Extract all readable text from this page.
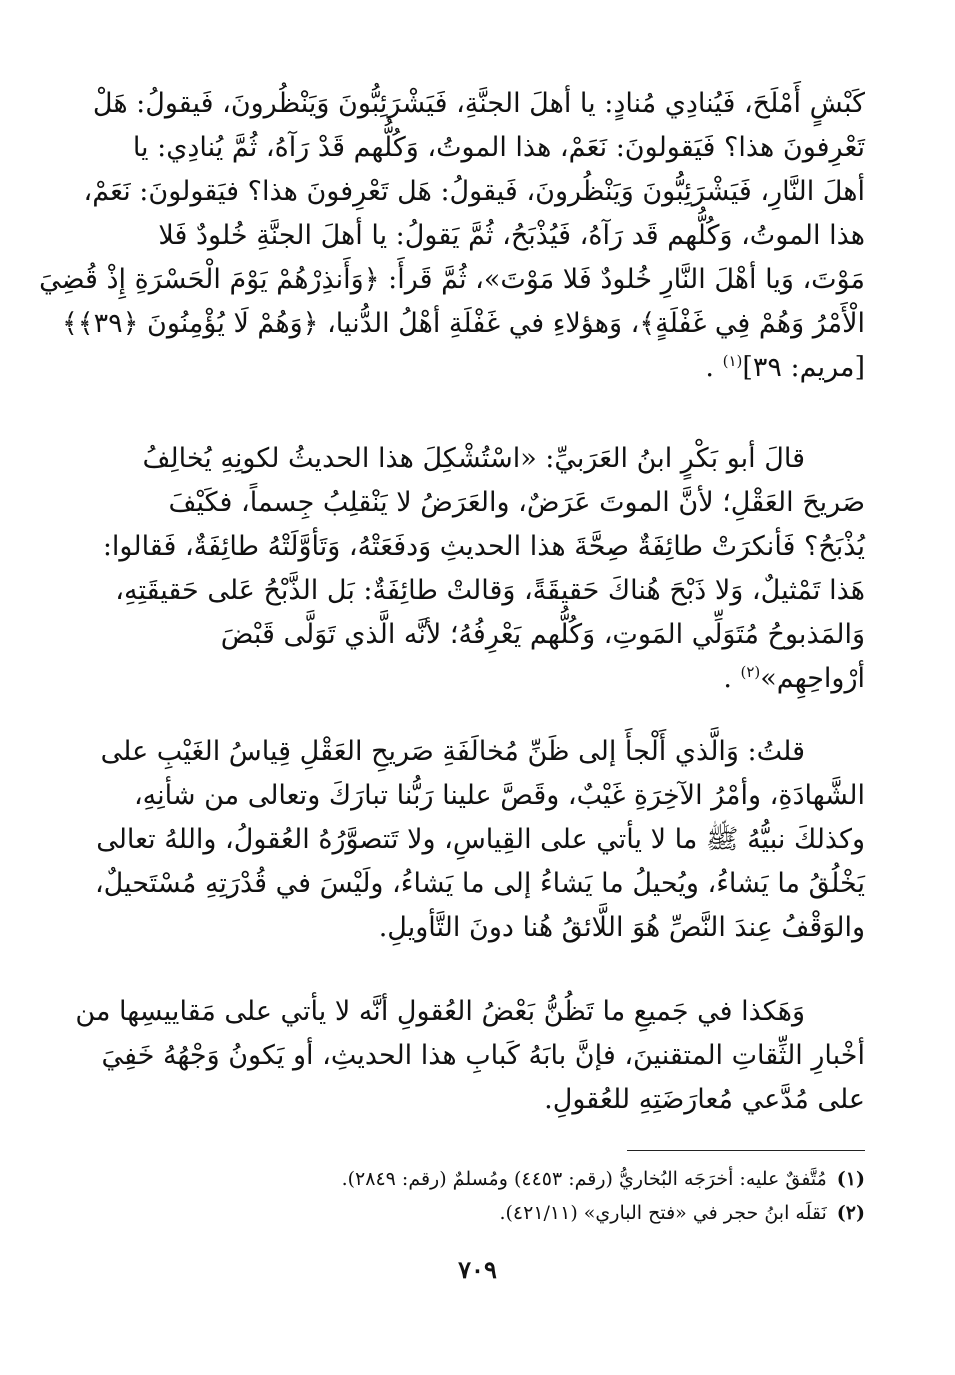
كَبْشٍ أَمْلَحَ، فَيُنادِي مُنادٍ: يا أهلَ الجنَّةِ، فَيَشْرَئِبُّونَ وَيَنْظُرونَ، فَيقولُ: هَلْ
تَعْرِفونَ هذا؟ فَيَقولونَ: نَعَمْ، هذا الموتُ، وَكُلُّهم قَدْ رَآهُ، ثُمَّ يُنادِي: يا
أهلَ النَّارِ، فَيَشْرَئِبُّونَ وَيَنْظُرونَ، فَيقولُ: هَل تَعْرِفونَ هذا؟ فيَقولونَ: نَعَمْ،
هذا الموتُ، وَكُلُّهم قَد رَآهُ، فَيُذْبَحُ، ثُمَّ يَقولُ: يا أهلَ الجنَّةِ خُلودٌ فَلا
مَوْتَ، وَيا أهْلَ النَّارِ خُلودٌ فَلا مَوْتَ»، ثُمَّ قَرأَ: ﴿وَأَنذِرْهُمْ يَوْمَ الْحَسْرَةِ إِذْ قُضِيَ
الْأَمْرُ وَهُمْ فِي غَفْلَةٍ﴾، وَهؤلاءِ في غَفْلَةِ أهْلُ الدُّنيا، ﴿وَهُمْ لَا يُؤْمِنُونَ ﴿٣٩﴾﴾
[مريم: ٣٩]$^{(١)}$ .
قالَ أبو بَكْرٍ ابنُ العَرَبيِّ: «اسْتُشْكِلَ هذا الحديثُ لكونِهِ يُخالِفُ
صَريحَ العَقْلِ؛ لأنَّ الموتَ عَرَضٌ، والعَرَضُ لا يَنْقلِبُ جِسماً، فكَيْفَ
يُذْبَحُ؟ فَأنكرَتْ طائِفَةٌ صِحَّةَ هذا الحديثِ وَدفَعَتْهُ، وَتَأوَّلَتْهُ طائِفَةٌ، فَقالوا:
هَذا تَمْثيلٌ، وَلا ذَبْحَ هُناكَ حَقيقَةً، وَقالتْ طائِفَةٌ: بَل الذَّبْحُ عَلى حَقيقَتِهِ،
وَالمَذبوحُ مُتَوَلِّي المَوتِ، وَكُلُّهم يَعْرِفُهُ؛ لأنَّه الَّذي تَوَلَّى قَبْضَ
أرْواحِهِم»$^{(٢)}$ .
قلتُ: وَالَّذي أَلْجأَ إلى ظَنِّ مُخالَفَةِ صَريحِ العَقْلِ قِياسُ الغَيْبِ على
الشَّهادَةِ، وأمْرُ الآخِرَةِ غَيْبٌ، وقَصَّ علينا رَبُّنا تبارَكَ وتعالى من شأنِهِ،
وكذلكَ نبيُّهُ ﷺ ما لا يأتي على القِياسِ، ولا تَتصوَّرُهُ العُقولُ، واللهُ تعالى
يَخْلُقُ ما يَشاءُ، ويُحيلُ ما يَشاءُ إلى ما يَشاءُ، ولَيْسَ في قُدْرَتِهِ مُسْتَحيلٌ،
والوَقْفُ عِندَ النَّصِّ هُوَ اللَّائقُ هُنا دونَ التَّأويلِ.
وَهَكذا في جَميعِ ما تَظُنُّ بَعْضُ العُقولِ أنَّه لا يأتي على مَقاييسِها من
أخْبارِ الثِّقاتِ المتقنينَ، فإنَّ بابَهُ كَبابِ هذا الحديثِ، أو يَكونُ وَجْهُهُ خَفِيَ
على مُدَّعي مُعارَضَتِهِ للعُقولِ.
(١)مُتَّفقٌ عليه: أخرَجَه البُخاريُّ (رقم: ٤٤٥٣) ومُسلمٌ (رقم: ٢٨٤٩).
(٢)نَقلَه ابنُ حجر في «فتح الباري» (٤٢١/١١).
٧٠٩
